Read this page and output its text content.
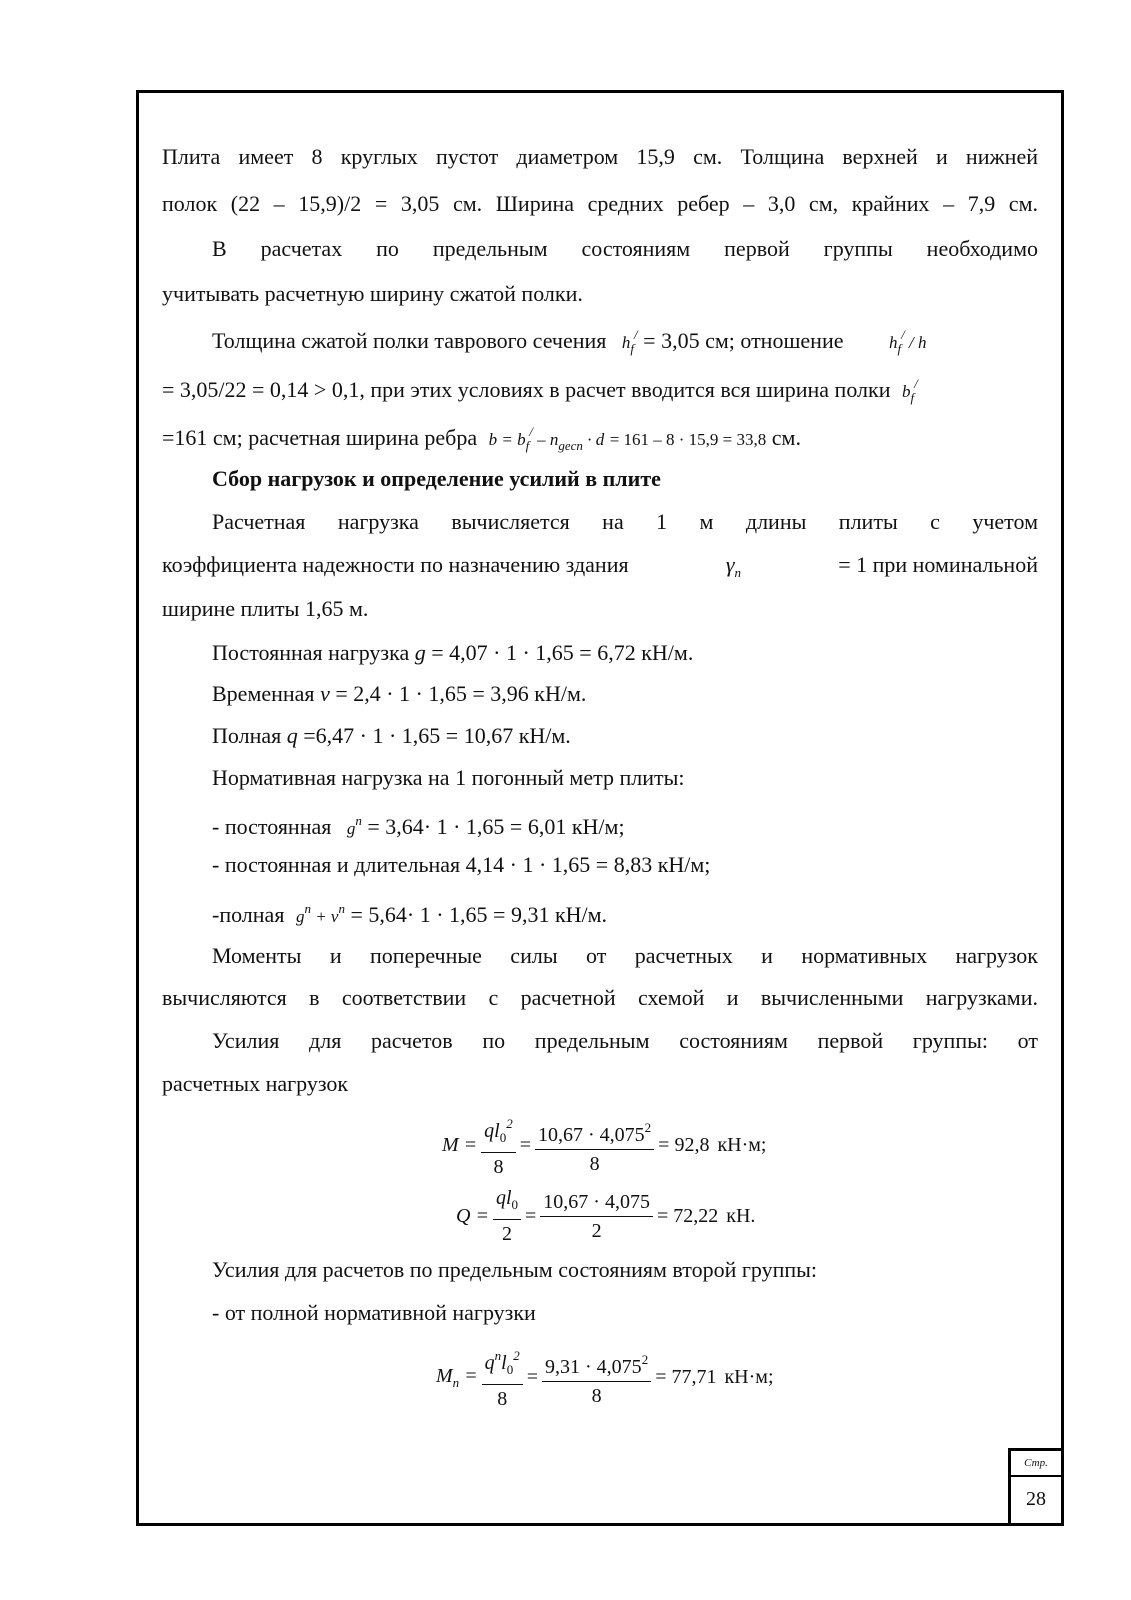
Плита имеет 8 круглых пустот диаметром 15,9 см. Толщина верхней и нижней
полок (22 – 15,9)/2 = 3,05 см. Ширина средних ребер – 3,0 см, крайних – 7,9 см.
В расчетах по предельным состояниям первой группы необходимо
учитывать расчетную ширину сжатой полки.
Толщина сжатой полки таврового сечения $h_f^/ = 3,05$ см; отношение	$h_f^/$ / h
= 3,05/22 = 0,14 > 0,1, при этих условиях в расчет вводится вся ширина полки $b_f^/$
=161 см; расчетная ширина ребра $b = b_f^/ - n_{gecn} \cdot d = 161 - 8 \cdot 15,9 = 33,8$ см.
Сбор нагрузок и определение усилий в плите
Расчетная нагрузка вычисляется на 1 м длины плиты с учетом
коэффициента надежности по назначению здания	$\gamma_n$	= 1 при номинальной
ширине плиты 1,65 м.
Постоянная нагрузка g = 4,07 · 1 · 1,65 = 6,72 кН/м.
Временная v = 2,4 · 1 · 1,65 = 3,96 кН/м.
Полная q =6,47 · 1 · 1,65 = 10,67 кН/м.
Нормативная нагрузка на 1 погонный метр плиты:
- постоянная $g^n = 3,64\cdot 1 \cdot 1,65 = 6,01$ кН/м;
- постоянная и длительная 4,14 · 1 · 1,65 = 8,83 кН/м;
-полная $g^n + v^n = 5,64\cdot 1 \cdot 1,65 = 9,31$ кН/м.
Моменты и поперечные силы от расчетных и нормативных нагрузок
вычисляются в соответствии с расчетной схемой и вычисленными нагрузками.
Усилия для расчетов по предельным состояниям первой группы: от
расчетных нагрузок
Усилия для расчетов по предельным состояниям второй группы:
- от полной нормативной нагрузки
$M = \frac{ql_0^2}{8} = \frac{10,67 \cdot 4,075^2}{8} = 92,8$ кН·м;
$Q = \frac{ql_0}{2} = \frac{10,67 \cdot 4,075}{2} = 72,22$ кН.
$M_n = \frac{q^nl_0^2}{8} = \frac{9,31 \cdot 4,075^2}{8} = 77,71$ кН·м;
Стр.
28
